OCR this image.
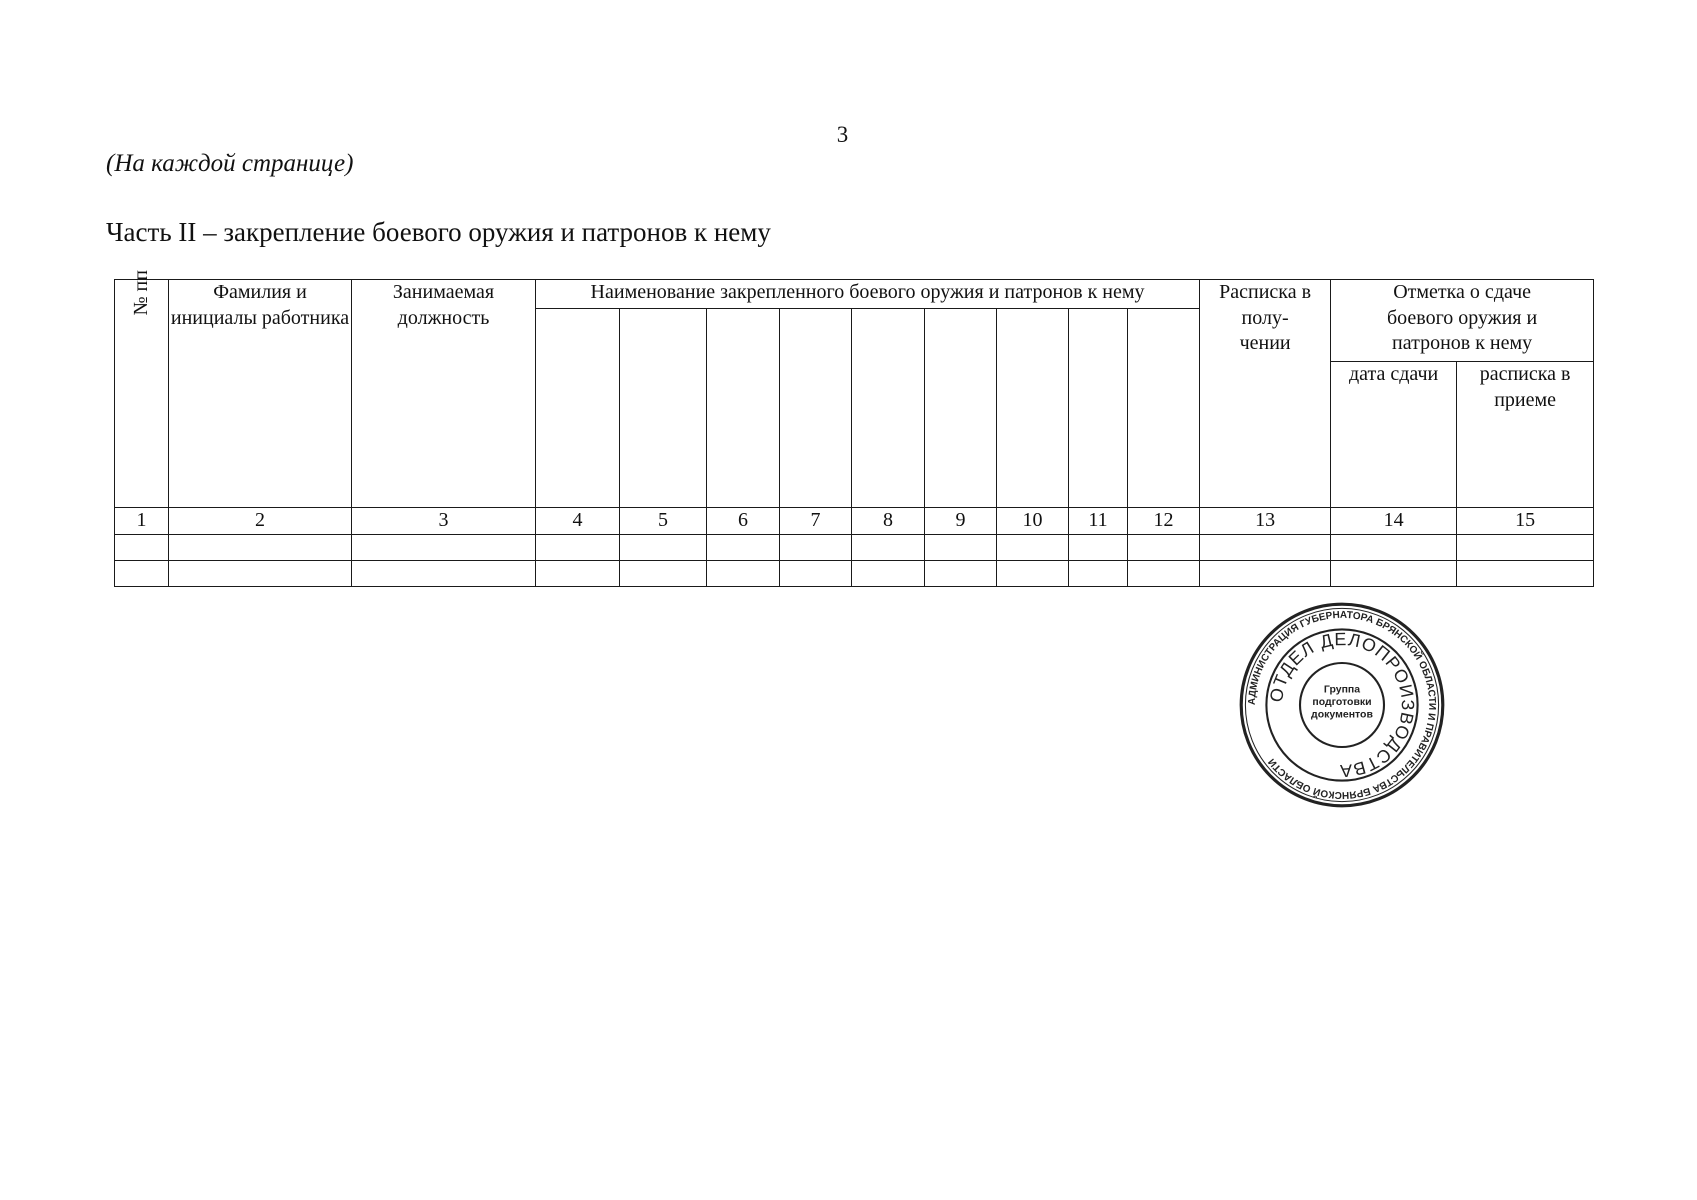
3
(На каждой странице)
Часть II – закрепление боевого оружия и патронов к нему
№ пп	Фамилия и инициалы работника	Занимаемая должность	Наименование закрепленного боевого оружия и патронов к нему									Расписка в полу- чении	Отметка о сдаче боевого оружия и патронов к нему	

													дата сдачи	расписка в приеме
1	2	3	4	5	6	7	8	9	10	11	12	13	14	15

АДМИНИСТРАЦИЯ ГУБЕРНАТОРА БРЯНСКОЙ ОБЛАСТИ И ПРАВИТЕЛЬСТВА БРЯНСКОЙ ОБЛАСТИ
ОТДЕЛ ДЕЛОПРОИЗВОДСТВА
Группа подготовки документов
